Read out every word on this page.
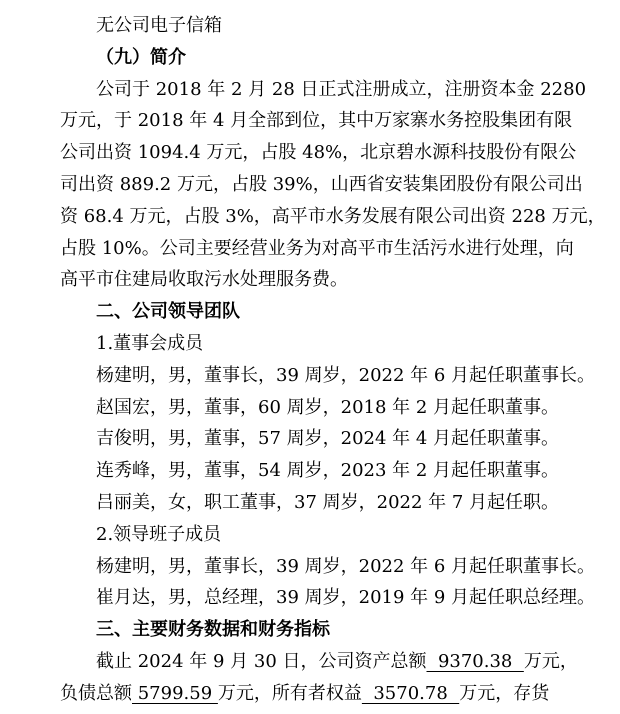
无公司电子信箱
（九）简介
公司于 2018 年 2 月 28 日正式注册成立，注册资本金 2280
万元，于 2018 年 4 月全部到位，其中万家寨水务控股集团有限
公司出资 1094.4 万元，占股 48%，北京碧水源科技股份有限公
司出资 889.2 万元，占股 39%，山西省安装集团股份有限公司出
资 68.4 万元，占股 3%，高平市水务发展有限公司出资 228 万元，
占股 10%。公司主要经营业务为对高平市生活污水进行处理，向
高平市住建局收取污水处理服务费。
二、公司领导团队
1.董事会成员
杨建明，男，董事长，39 周岁，2022 年 6 月起任职董事长。
赵国宏，男，董事，60 周岁，2018 年 2 月起任职董事。
吉俊明，男，董事，57 周岁，2024 年 4 月起任职董事。
连秀峰，男，董事，54 周岁，2023 年 2 月起任职董事。
吕丽美，女，职工董事，37 周岁，2022 年 7 月起任职。
2.领导班子成员
杨建明，男，董事长，39 周岁，2022 年 6 月起任职董事长。
崔月达，男，总经理，39 周岁，2019 年 9 月起任职总经理。
三、主要财务数据和财务指标
截止 2024 年 9 月 30 日，公司资产总额  9370.38  万元，
负债总额 5799.59 万元，所有者权益  3570.78  万元，存货
